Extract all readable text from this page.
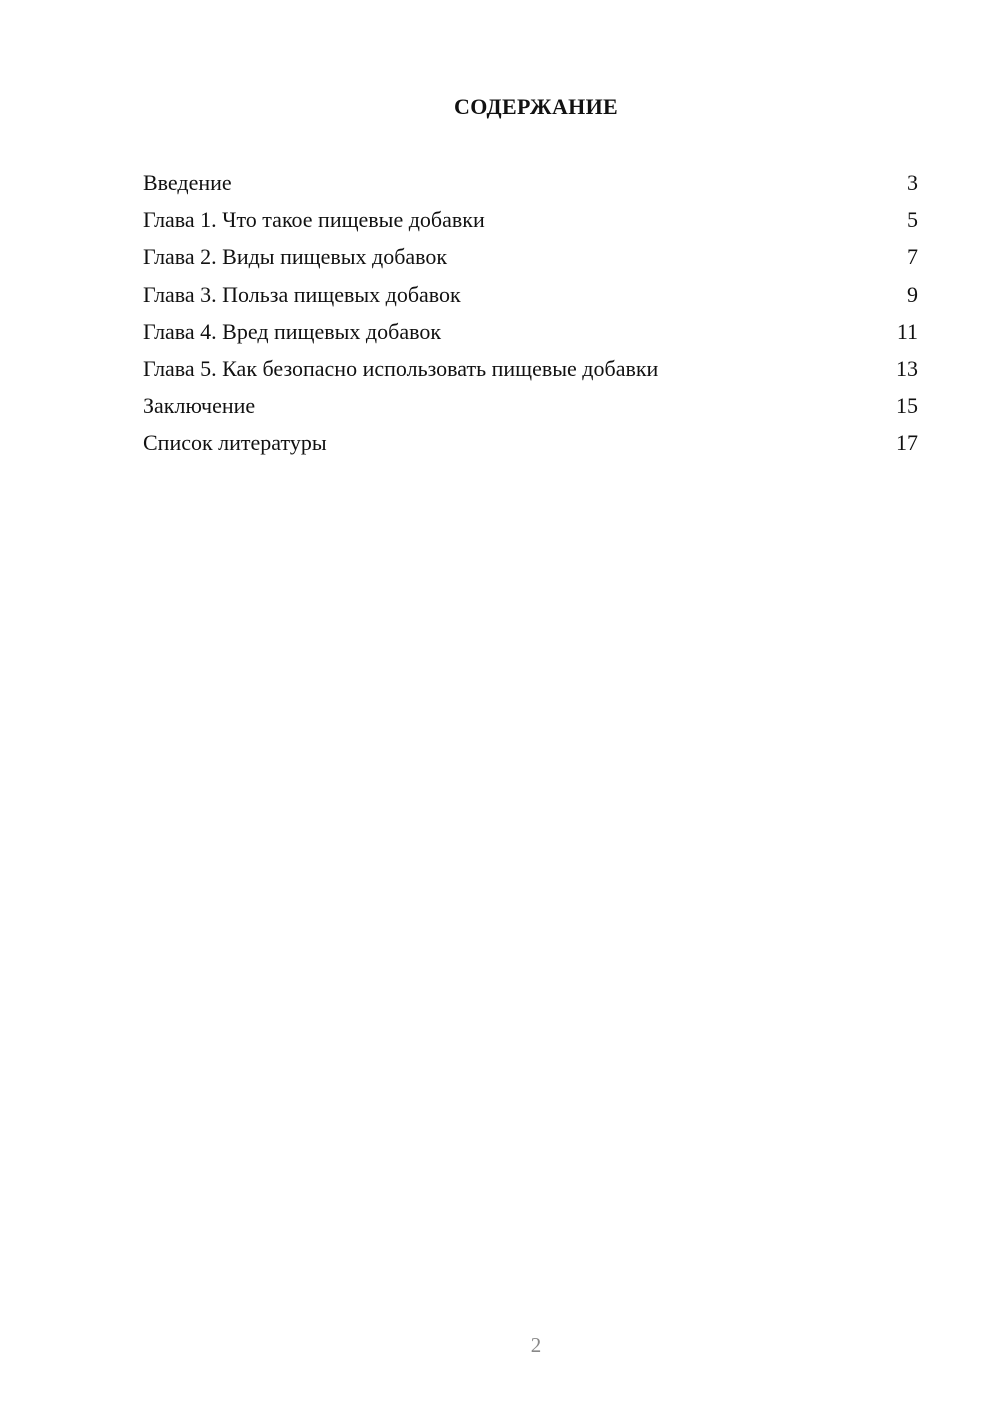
СОДЕРЖАНИЕ
Введение	3
Глава 1. Что такое пищевые добавки	5
Глава 2. Виды пищевых добавок	7
Глава 3. Польза пищевых добавок	9
Глава 4. Вред пищевых добавок	11
Глава 5. Как безопасно использовать пищевые добавки	13
Заключение	15
Список литературы	17
2
